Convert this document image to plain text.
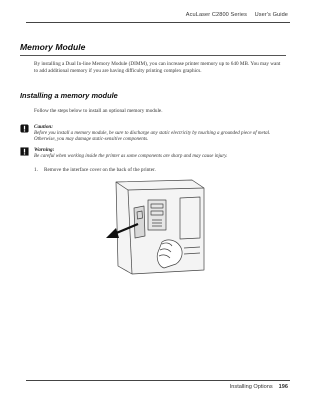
AcuLaser C2800 Series User's Guide
Memory Module

By installing a Dual In-line Memory Module (DIMM), you can increase printer memory up to 640 MB. You may want to add additional memory if you are having difficulty printing complex graphics.

Installing a memory module

Follow the steps below to install an optional memory module.

Caution:
Before you install a memory module, be sure to discharge any static electricity by touching a grounded piece of metal. Otherwise, you may damage static-sensitive components.
Warning:
Be careful when working inside the printer as some components are sharp and may cause injury.
1. Remove the interface cover on the back of the printer.
Installing Options 196
